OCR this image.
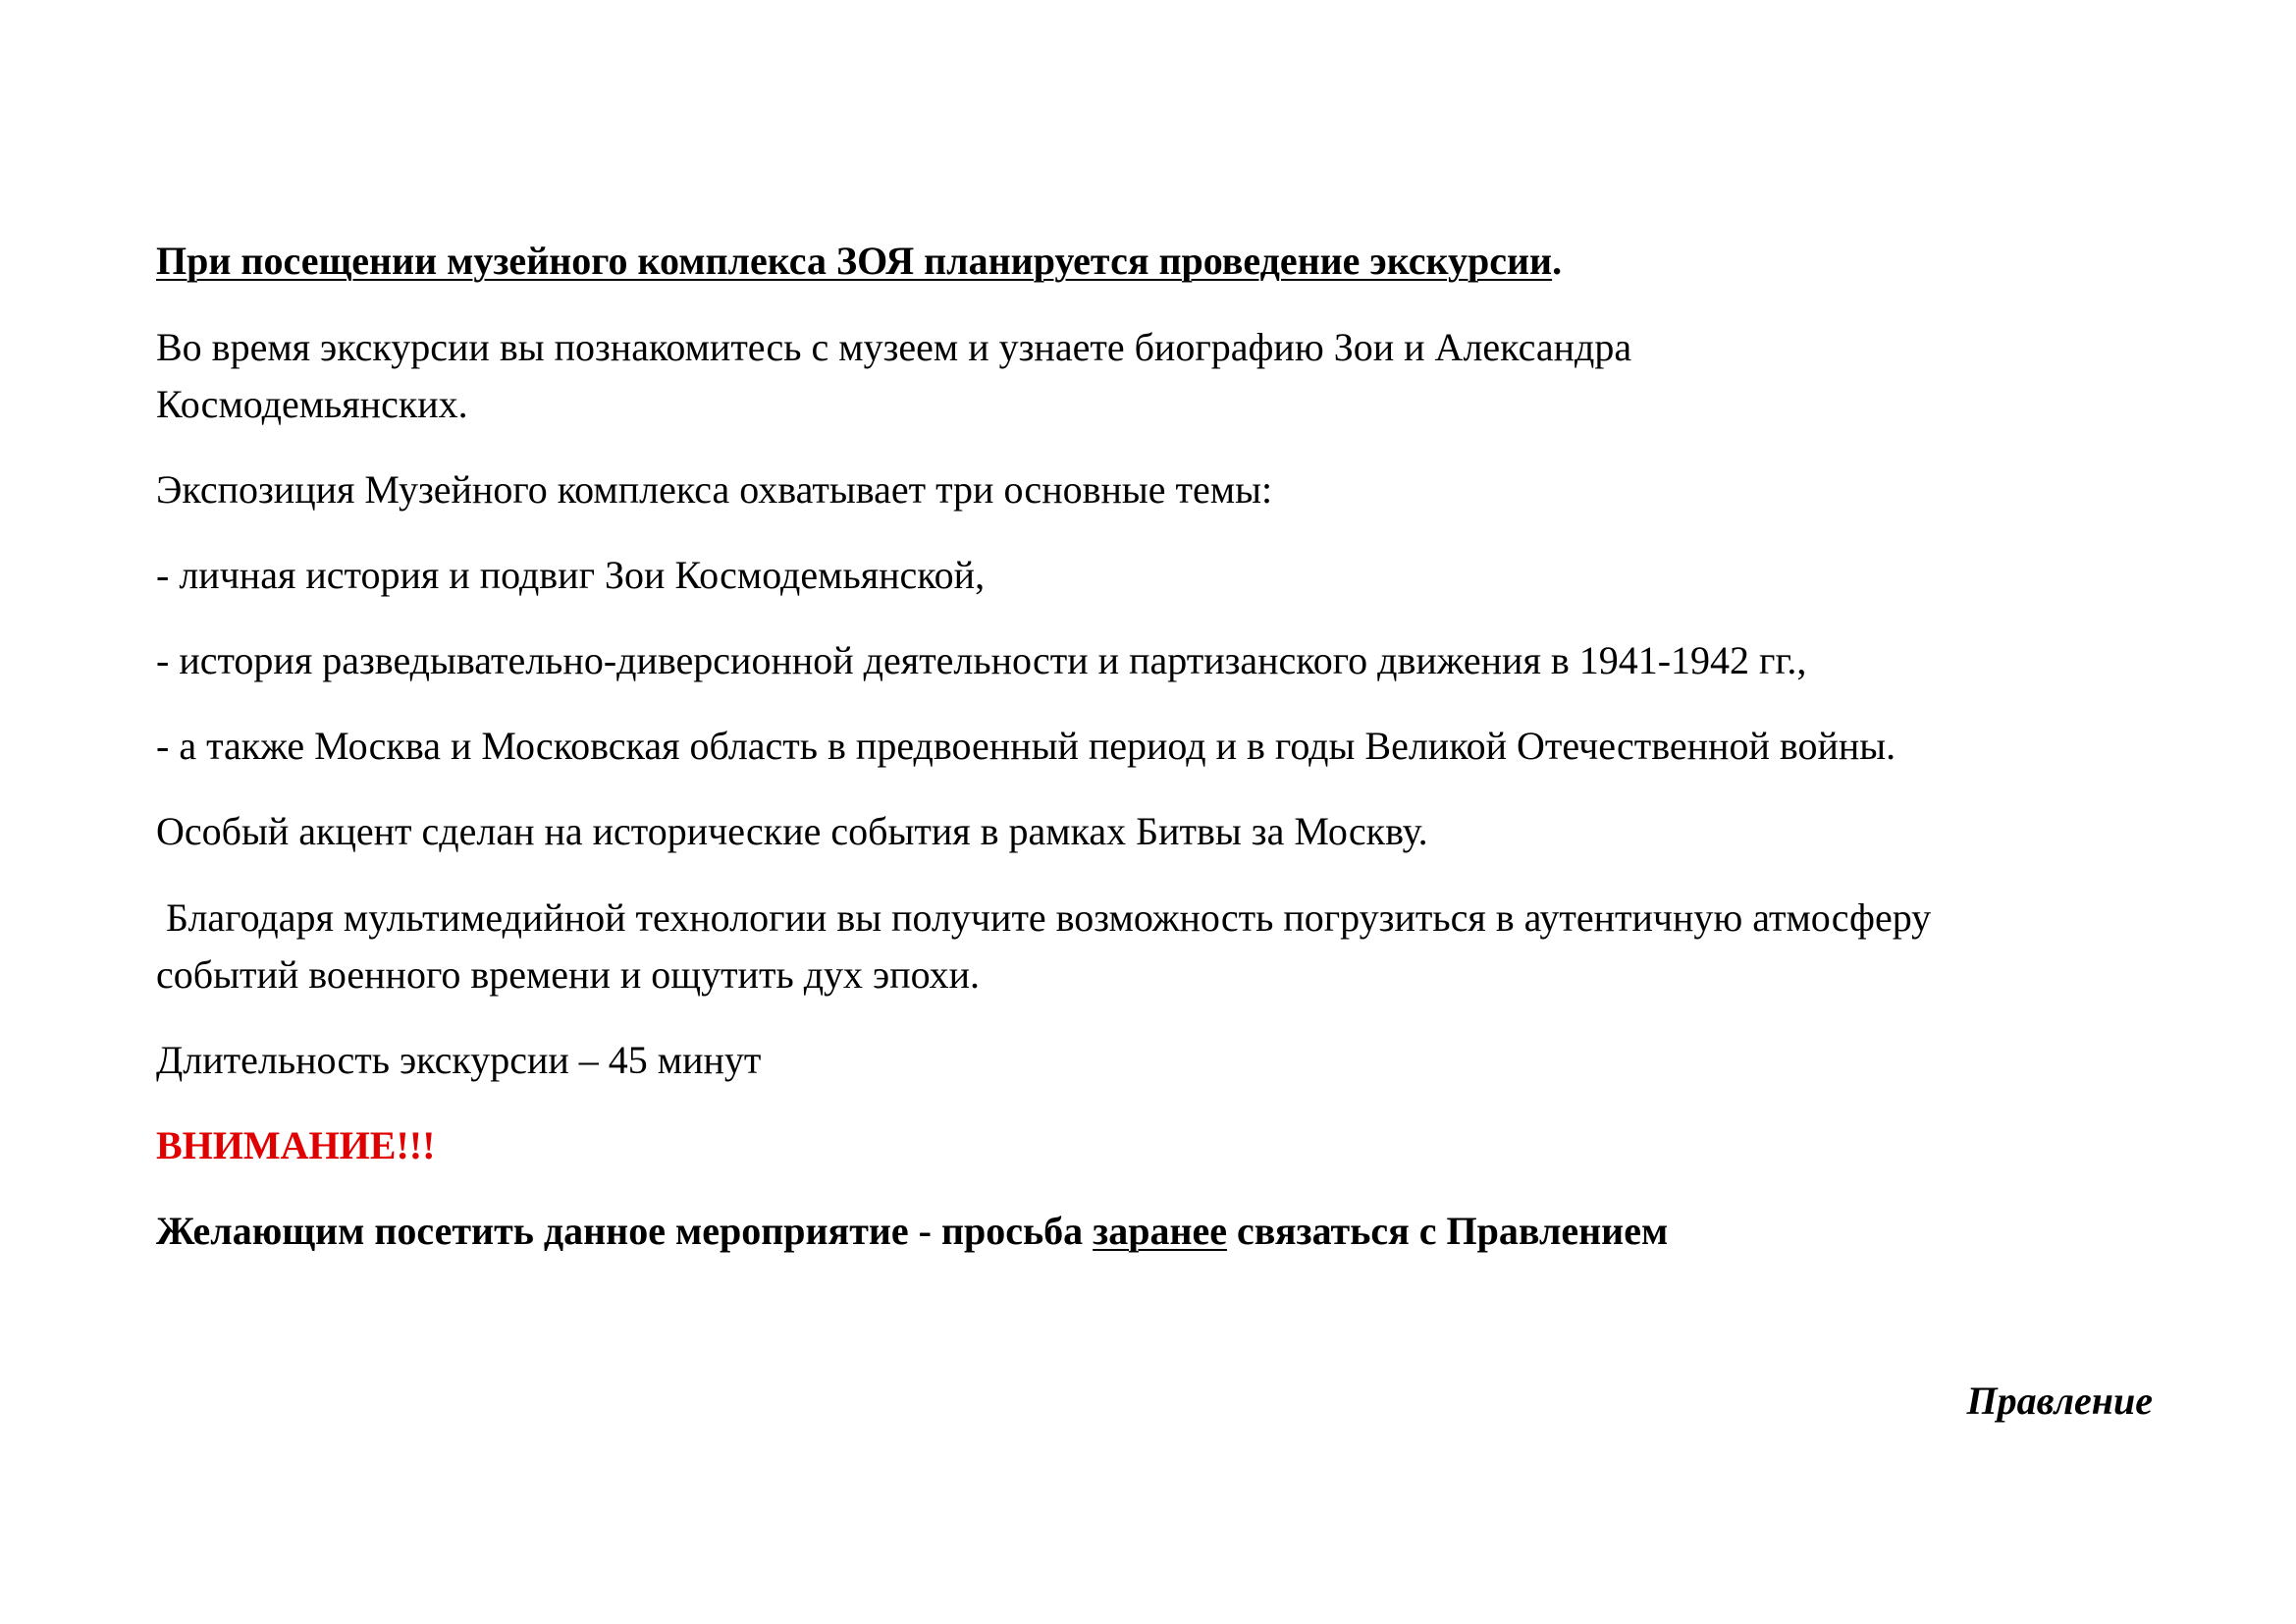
При посещении музейного комплекса ЗОЯ планируется проведение экскурсии.

Во время экскурсии вы познакомитесь с музеем и узнаете биографию Зои и Александра

Космодемьянских.

Экспозиция Музейного комплекса охватывает три основные темы:

- личная история и подвиг Зои Космодемьянской,

- история разведывательно-диверсионной деятельности и партизанского движения в 1941-1942 гг.,

- а также Москва и Московская область в предвоенный период и в годы Великой Отечественной войны.

Особый акцент сделан на исторические события в рамках Битвы за Москву.

Благодаря мультимедийной технологии вы получите возможность погрузиться в аутентичную атмосферу

событий военного времени и ощутить дух эпохи.

Длительность экскурсии – 45 минут

ВНИМАНИЕ!!!

Желающим посетить данное мероприятие - просьба заранее связаться с Правлением

Правление
